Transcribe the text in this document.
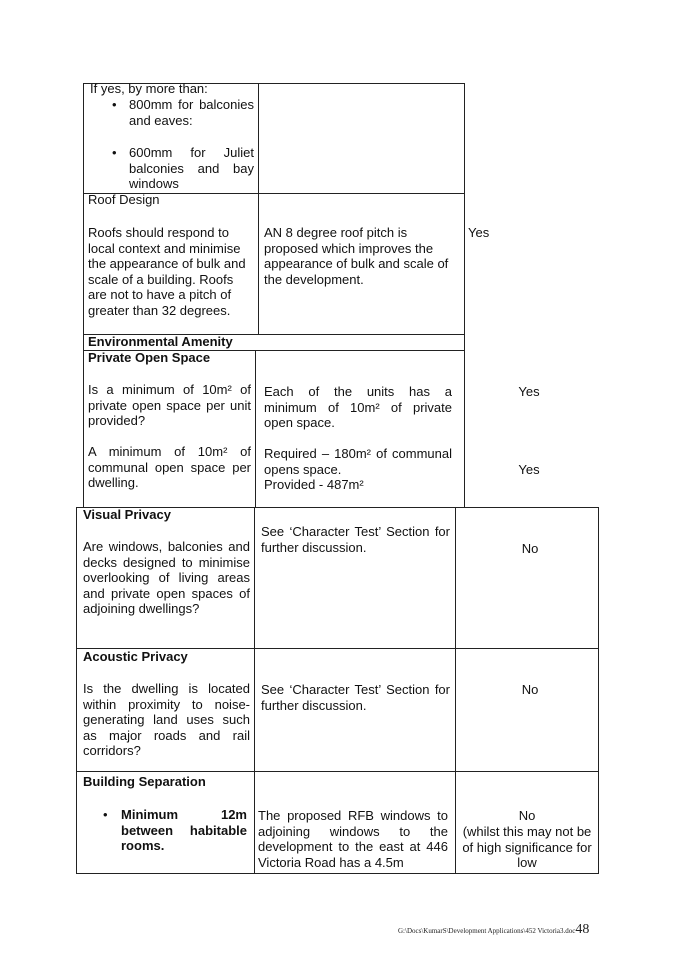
If yes, by more than:
• 800mm for balconies and eaves:
• 600mm for Juliet balconies and bay windows
Roof Design
Roofs should respond to local context and minimise the appearance of bulk and scale of a building. Roofs are not to have a pitch of greater than 32 degrees.
AN 8 degree roof pitch is proposed which improves the appearance of bulk and scale of the development.
Yes
Environmental Amenity
Private Open Space
Is a minimum of 10m² of private open space per unit provided?
Each of the units has a minimum of 10m² of private open space.
Yes
A minimum of 10m² of communal open space per dwelling.
Required – 180m² of communal opens space.
Provided - 487m²
Yes
Visual Privacy
Are windows, balconies and decks designed to minimise overlooking of living areas and private open spaces of adjoining dwellings?
See ‘Character Test’ Section for further discussion.	No
Acoustic Privacy
Is the dwelling is located within proximity to noise-generating land uses such as major roads and rail corridors?
See ‘Character Test’ Section for further discussion.
No
Building Separation
• Minimum 12m between habitable rooms.
The proposed RFB windows to adjoining windows to the development to the east at 446 Victoria Road has a 4.5m
No
(whilst this may not be of high significance for low
G:\Docs\KumarS\Development Applications\452 Victoria3.doc48
